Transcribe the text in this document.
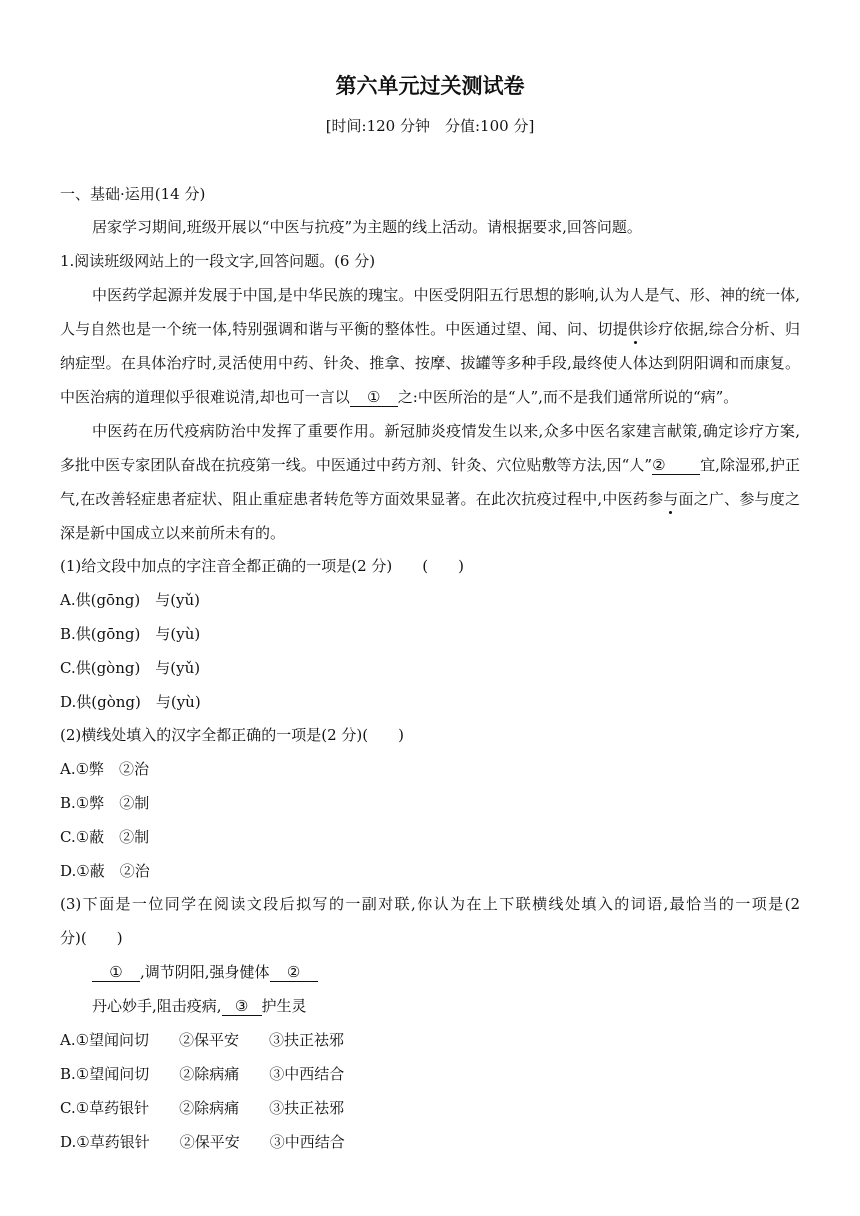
第六单元过关测试卷
[时间:120 分钟　分值:100 分]
一、基础·运用(14 分)
居家学习期间,班级开展以“中医与抗疫”为主题的线上活动。请根据要求,回答问题。
1.阅读班级网站上的一段文字,回答问题。(6 分)
中医药学起源并发展于中国,是中华民族的瑰宝。中医受阴阳五行思想的影响,认为人是气、形、神的统一体,
人与自然也是一个统一体,特别强调和谐与平衡的整体性。中医通过望、闻、问、切提供诊疗依据,综合分析、归
纳症型。在具体治疗时,灵活使用中药、针灸、推拿、按摩、拔罐等多种手段,最终使人体达到阴阳调和而康复。
中医治病的道理似乎很难说清,却也可一言以 ① 之:中医所治的是“人”,而不是我们通常所说的“病”。
中医药在历代疫病防治中发挥了重要作用。新冠肺炎疫情发生以来,众多中医名家建言献策,确定诊疗方案,
多批中医专家团队奋战在抗疫第一线。中医通过中药方剂、针灸、穴位贴敷等方法,因“人”② 宜,除湿邪,护正
气,在改善轻症患者症状、阻止重症患者转危等方面效果显著。在此次抗疫过程中,中医药参与面之广、参与度之
深是新中国成立以来前所未有的。
(1)给文段中加点的字注音全都正确的一项是(2 分)　　(　　)
A.供(gōng)　与(yǔ)
B.供(gōng)　与(yù)
C.供(gòng)　与(yǔ)
D.供(gòng)　与(yù)
(2)横线处填入的汉字全都正确的一项是(2 分)(　　)
A.①弊　②治
B.①弊　②制
C.①蔽　②制
D.①蔽　②治
(3)下面是一位同学在阅读文段后拟写的一副对联,你认为在上下联横线处填入的词语,最恰当的一项是(2
分)(　　)
① ,调节阴阳,强身健体 ②
丹心妙手,阻击疫病, ③ 护生灵
A.①望闻问切　　②保平安　　③扶正祛邪
B.①望闻问切　　②除病痛　　③中西结合
C.①草药银针　　②除病痛　　③扶正祛邪
D.①草药银针　　②保平安　　③中西结合
